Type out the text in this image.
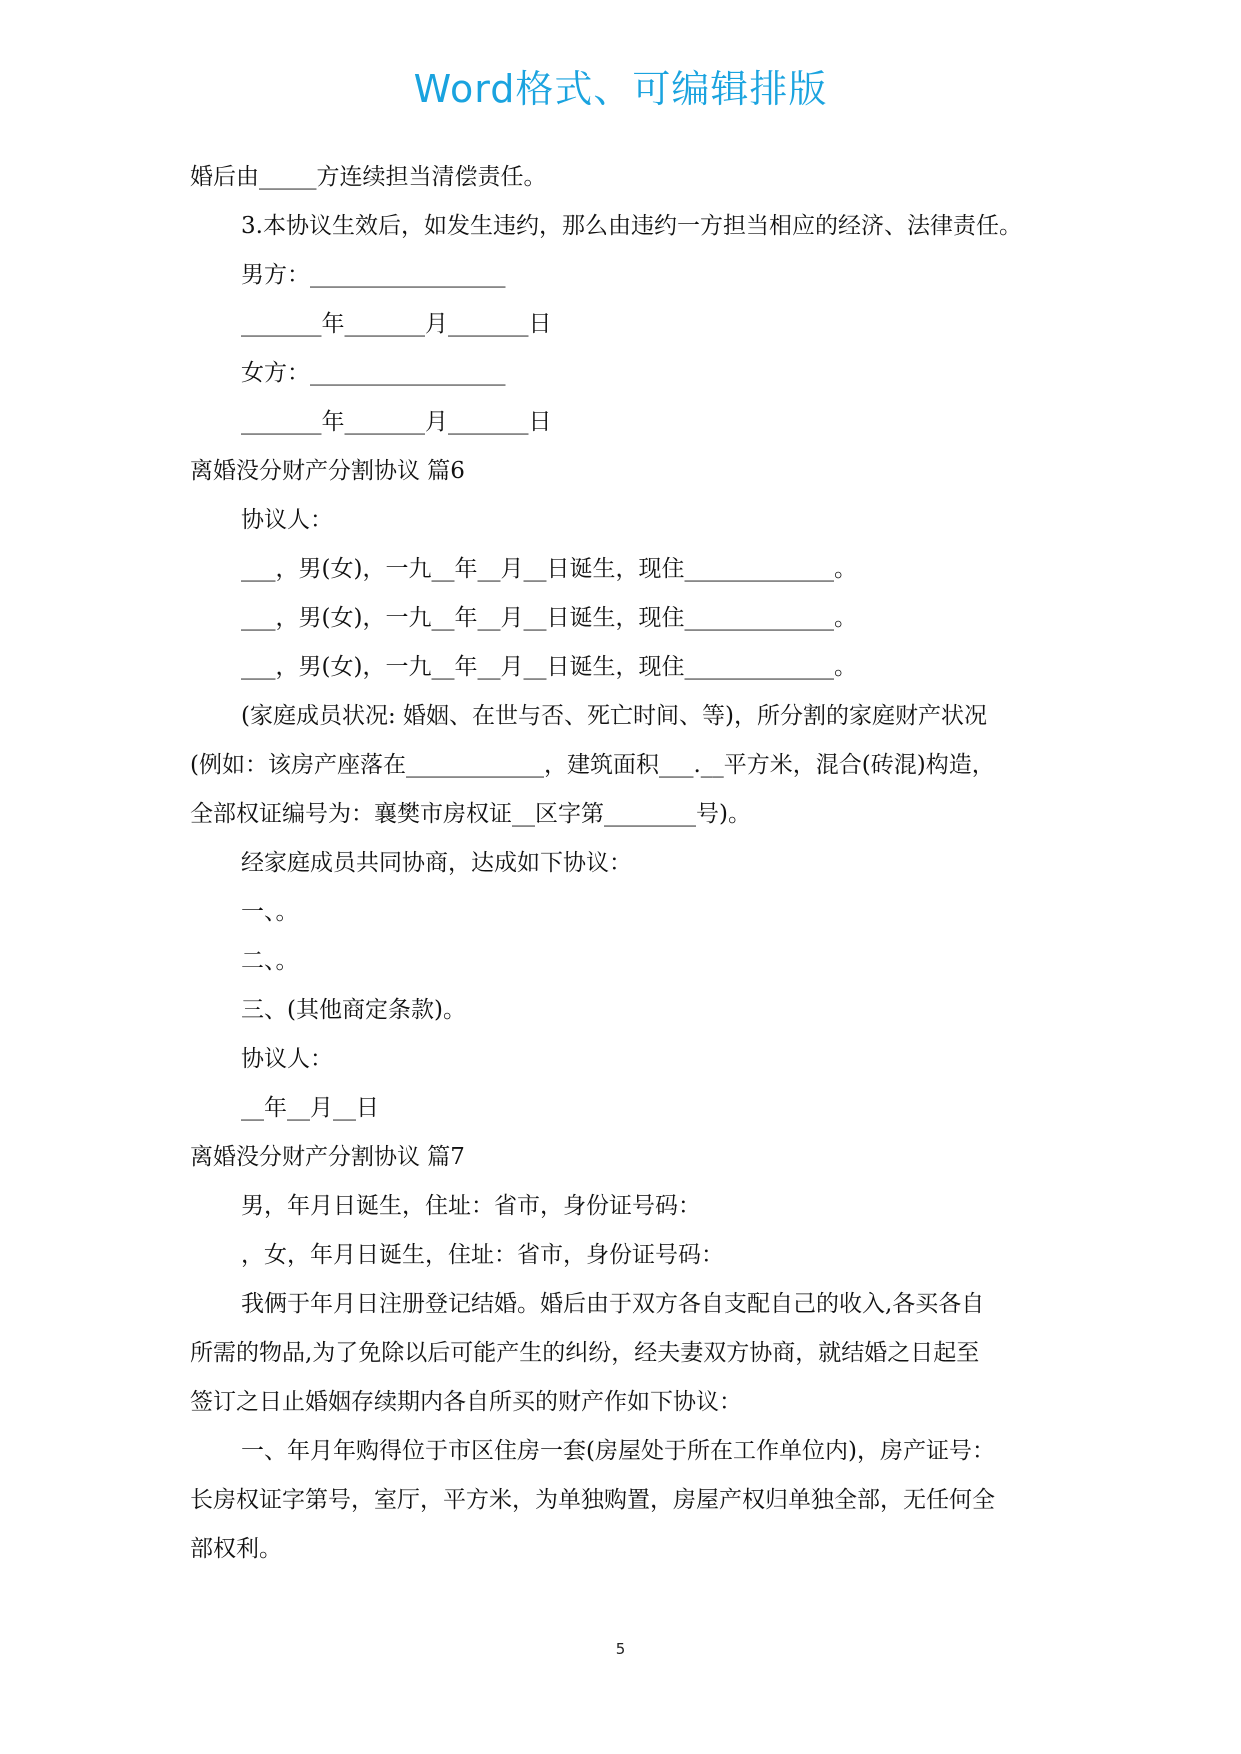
Word格式、可编辑排版
婚后由_____方连续担当清偿责任。
3.本协议生效后，如发生违约，那么由违约一方担当相应的经济、法律责任。
男方：_________________
_______年_______月_______日
女方：_________________
_______年_______月_______日
离婚没分财产分割协议 篇6
协议人：
___，男(女)，一九__年__月__日诞生，现住_____________。
___，男(女)，一九__年__月__日诞生，现住_____________。
___，男(女)，一九__年__月__日诞生，现住_____________。
(家庭成员状况: 婚姻、在世与否、死亡时间、等)，所分割的家庭财产状况
(例如：该房产座落在____________，建筑面积___.__平方米，混合(砖混)构造，
全部权证编号为：襄樊市房权证__区字第________号)。
经家庭成员共同协商，达成如下协议：
一、。
二、。
三、(其他商定条款)。
协议人：
__年__月__日
离婚没分财产分割协议 篇7
男，年月日诞生，住址：省市，身份证号码：
，女，年月日诞生，住址：省市，身份证号码：
我俩于年月日注册登记结婚。婚后由于双方各自支配自己的收入,各买各自
所需的物品,为了免除以后可能产生的纠纷，经夫妻双方协商，就结婚之日起至
签订之日止婚姻存续期内各自所买的财产作如下协议：
一、年月年购得位于市区住房一套(房屋处于所在工作单位内)，房产证号：
长房权证字第号，室厅，平方米，为单独购置，房屋产权归单独全部，无任何全
部权利。
5
